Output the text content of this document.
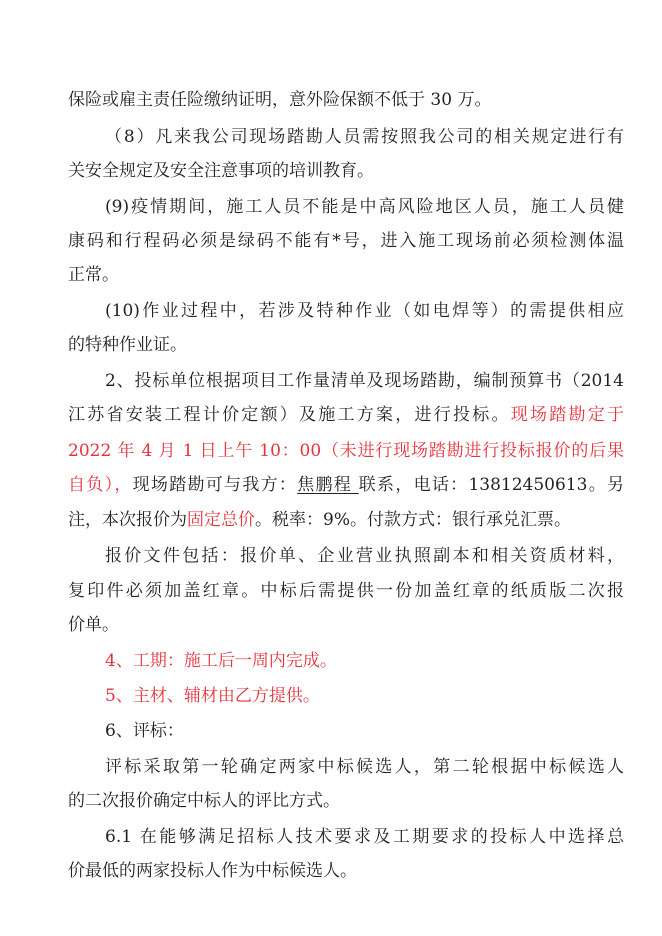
保险或雇主责任险缴纳证明，意外险保额不低于 30 万。
（8）凡来我公司现场踏勘人员需按照我公司的相关规定进行有
关安全规定及安全注意事项的培训教育。
(9)疫情期间，施工人员不能是中高风险地区人员，施工人员健
康码和行程码必须是绿码不能有*号，进入施工现场前必须检测体温
正常。
(10)作业过程中，若涉及特种作业（如电焊等）的需提供相应
的特种作业证。
2、投标单位根据项目工作量清单及现场踏勘，编制预算书（2014
江苏省安装工程计价定额）及施工方案，进行投标。现场踏勘定于
2022 年 4 月 1 日上午 10：00（未进行现场踏勘进行投标报价的后果
自负），现场踏勘可与我方：焦鹏程 联系，电话：13812450613。另
注，本次报价为固定总价。税率：9%。付款方式：银行承兑汇票。
报价文件包括：报价单、企业营业执照副本和相关资质材料，
复印件必须加盖红章。中标后需提供一份加盖红章的纸质版二次报
价单。
4、工期：施工后一周内完成。
5、主材、辅材由乙方提供。
6、评标：
评标采取第一轮确定两家中标候选人，第二轮根据中标候选人
的二次报价确定中标人的评比方式。
6.1 在能够满足招标人技术要求及工期要求的投标人中选择总
价最低的两家投标人作为中标候选人。
